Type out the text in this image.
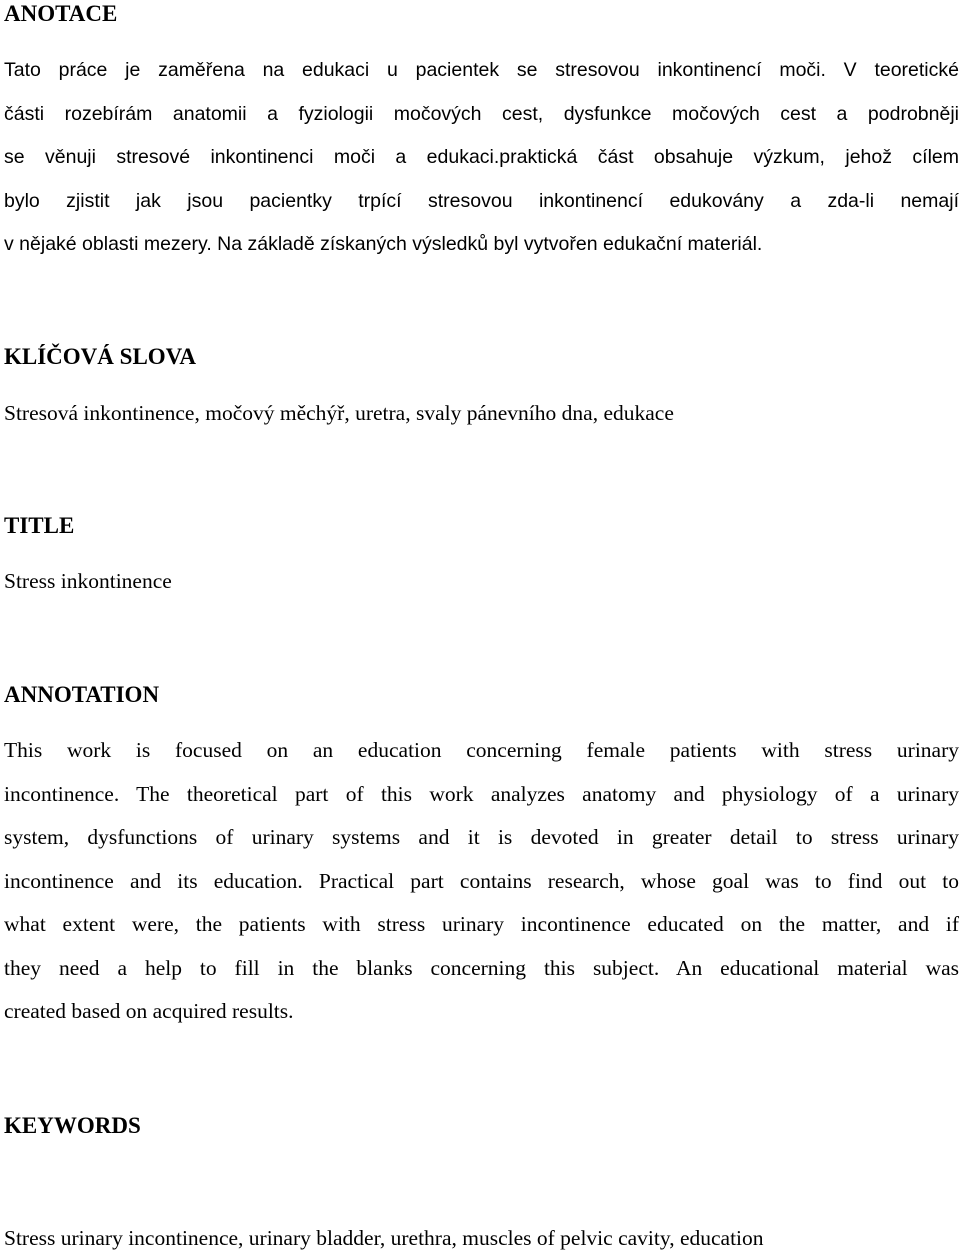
ANOTACE
Tato práce je zaměřena na edukaci u pacientek se stresovou inkontinencí moči. V teoretické
části rozebírám anatomii a fyziologii močových cest, dysfunkce močových cest a podrobněji
se věnuji stresové inkontinenci moči a edukaci.praktická část obsahuje výzkum, jehož cílem
bylo zjistit jak jsou pacientky trpící stresovou inkontinencí edukovány a zda-li nemají
v nějaké oblasti mezery. Na základě získaných výsledků byl vytvořen edukační materiál.
KLÍČOVÁ SLOVA

Stresová inkontinence, močový měchýř, uretra, svaly pánevního dna, edukace

TITLE

Stress inkontinence

ANNOTATION
This work is focused on an education concerning female patients with stress urinary
incontinence. The theoretical part of this work analyzes anatomy and physiology of a urinary
system, dysfunctions of urinary systems and it is devoted in greater detail to stress urinary
incontinence and its education. Practical part contains research, whose goal was to find out to
what extent were, the patients with stress urinary incontinence educated on the matter, and if
they need a help to fill in the blanks concerning this subject. An educational material was
created based on acquired results.
KEYWORDS

Stress urinary incontinence, urinary bladder, urethra, muscles of pelvic cavity, education
